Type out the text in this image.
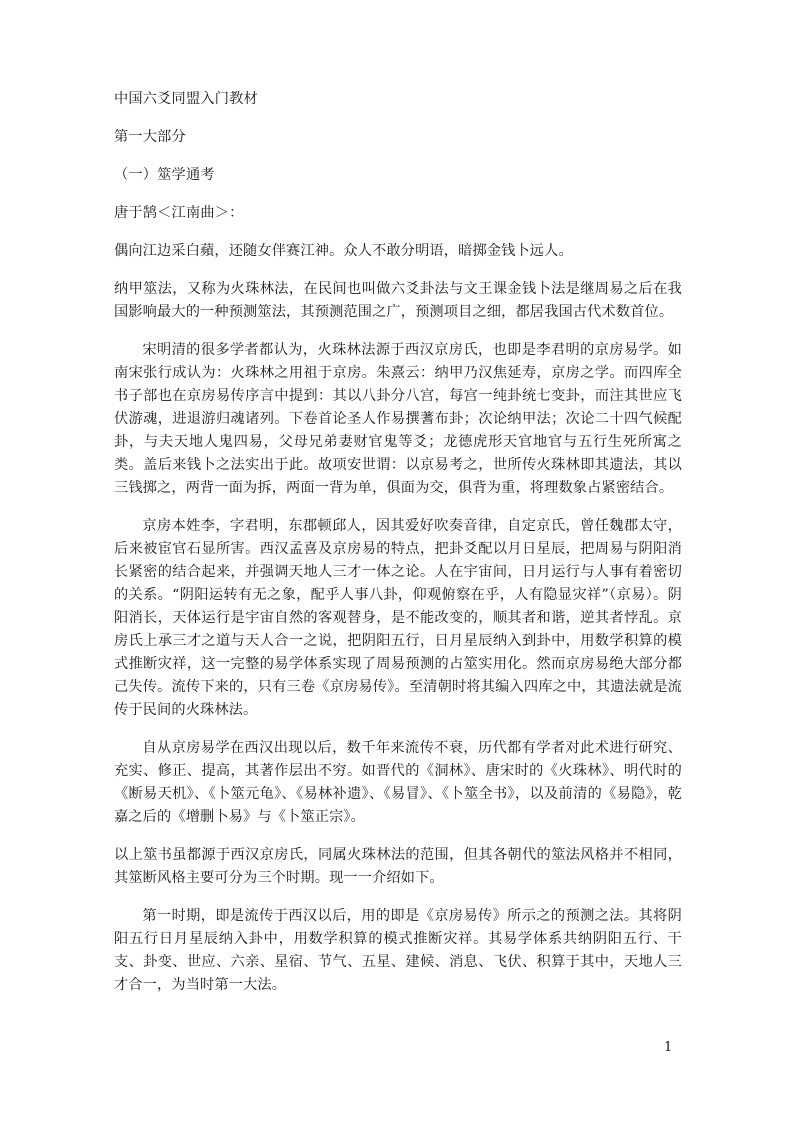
中国六爻同盟入门教材

第一大部分

（一）筮学通考

唐于鹄＜江南曲＞：

偶向江边采白蘋，还随女伴赛江神。众人不敢分明语，暗掷金钱卜远人。

纳甲筮法，又称为火珠林法，在民间也叫做六爻卦法与文王课金钱卜法是继周易之后在我国影响最大的一种预测筮法，其预测范围之广，预测项目之细，都居我国古代术数首位。

宋明清的很多学者都认为，火珠林法源于西汉京房氏，也即是李君明的京房易学。如南宋张行成认为：火珠林之用祖于京房。朱熹云：纳甲乃汉焦延寿，京房之学。而四库全书子部也在京房易传序言中提到：其以八卦分八宫，每宫一纯卦统七变卦，而注其世应飞伏游魂，进退游归魂诸列。下卷首论圣人作易撰蓍布卦；次论纳甲法；次论二十四气候配卦，与夫天地人鬼四易，父母兄弟妻财官鬼等爻；龙德虎形天官地官与五行生死所寓之类。盖后来钱卜之法实出于此。故项安世谓：以京易考之，世所传火珠林即其遗法，其以三钱掷之，两背一面为拆，两面一背为单，俱面为交，俱背为重，将理数象占紧密结合。

京房本姓李，字君明，东郡顿邱人，因其爱好吹奏音律，自定京氏，曾任魏郡太守，后来被宦官石显所害。西汉孟喜及京房易的特点，把卦爻配以月日星辰，把周易与阴阳消长紧密的结合起来，并强调天地人三才一体之论。人在宇宙间，日月运行与人事有着密切的关系。“阴阳运转有无之象，配乎人事八卦，仰观俯察在乎，人有隐显灾祥”（京易）。阴阳消长，天体运行是宇宙自然的客观替身，是不能改变的，顺其者和谐，逆其者悖乱。京房氏上承三才之道与天人合一之说，把阴阳五行，日月星辰纳入到卦中，用数学积算的模式推断灾祥，这一完整的易学体系实现了周易预测的占筮实用化。然而京房易绝大部分都己失传。流传下来的，只有三卷《京房易传》。至清朝时将其编入四库之中，其遗法就是流传于民间的火珠林法。

自从京房易学在西汉出现以后，数千年来流传不衰，历代都有学者对此术进行研究、充实、修正、提高，其著作层出不穷。如晋代的《洞林》、唐宋时的《火珠林》、明代时的《断易天机》、《卜筮元龟》、《易林补遗》、《易冒》、《卜筮全书》，以及前清的《易隐》，乾嘉之后的《增删卜易》与《卜筮正宗》。

以上筮书虽都源于西汉京房氏，同属火珠林法的范围，但其各朝代的筮法风格并不相同，其筮断风格主要可分为三个时期。现一一介绍如下。

第一时期，即是流传于西汉以后，用的即是《京房易传》所示之的预测之法。其将阴阳五行日月星辰纳入卦中，用数学积算的模式推断灾祥。其易学体系共纳阴阳五行、干支、卦变、世应、六亲、星宿、节气、五星、建候、消息、飞伏、积算于其中，天地人三才合一，为当时第一大法。

1
